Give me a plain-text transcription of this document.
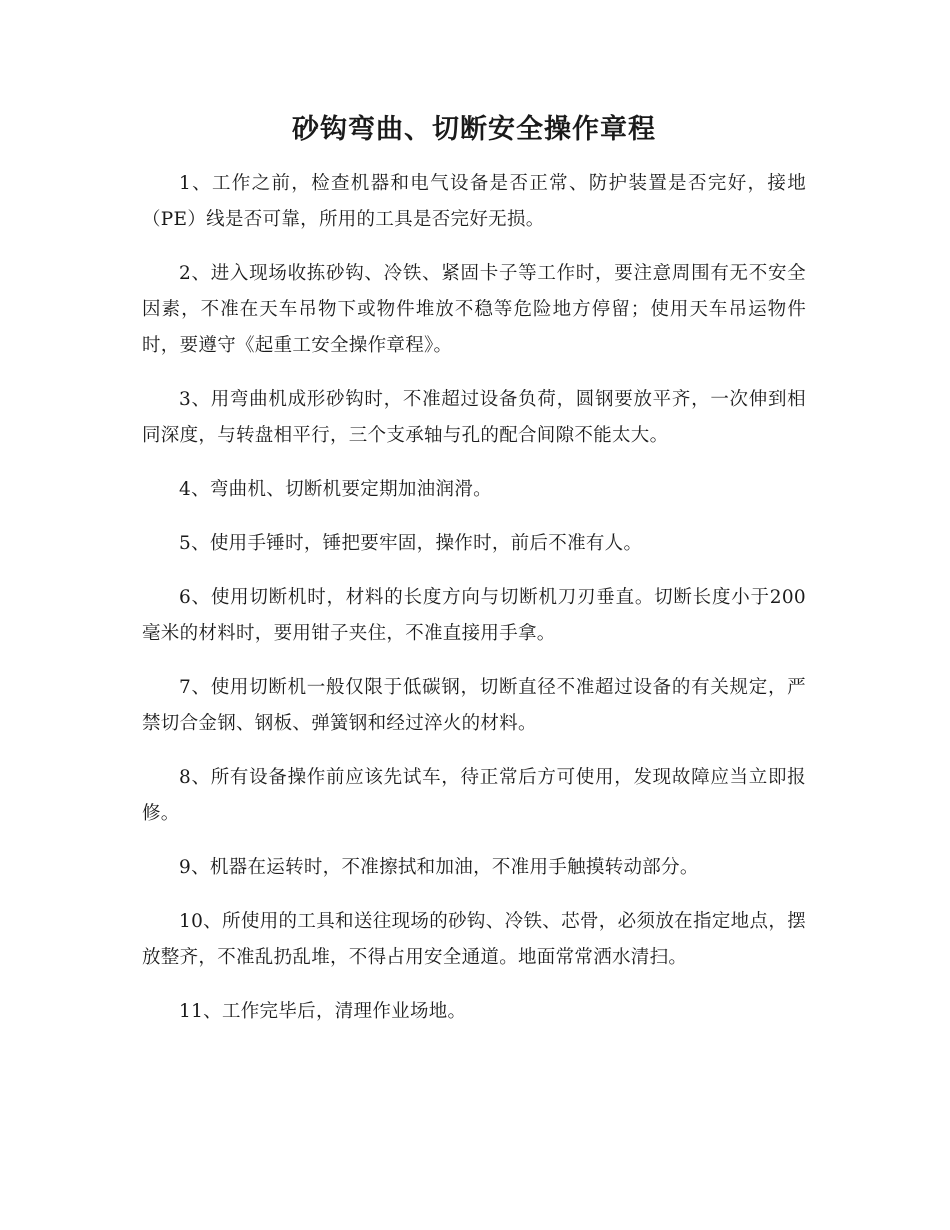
砂钩弯曲、切断安全操作章程

1、工作之前，检查机器和电气设备是否正常、防护装置是否完好，接地（PE）线是否可靠，所用的工具是否完好无损。

2、进入现场收拣砂钩、冷铁、紧固卡子等工作时，要注意周围有无不安全因素，不准在天车吊物下或物件堆放不稳等危险地方停留；使用天车吊运物件时，要遵守《起重工安全操作章程》。

3、用弯曲机成形砂钩时，不准超过设备负荷，圆钢要放平齐，一次伸到相同深度，与转盘相平行，三个支承轴与孔的配合间隙不能太大。

4、弯曲机、切断机要定期加油润滑。

5、使用手锤时，锤把要牢固，操作时，前后不准有人。

6、使用切断机时，材料的长度方向与切断机刀刃垂直。切断长度小于200毫米的材料时，要用钳子夹住，不准直接用手拿。

7、使用切断机一般仅限于低碳钢，切断直径不准超过设备的有关规定，严禁切合金钢、钢板、弹簧钢和经过淬火的材料。

8、所有设备操作前应该先试车，待正常后方可使用，发现故障应当立即报修。

9、机器在运转时，不准擦拭和加油，不准用手触摸转动部分。

10、所使用的工具和送往现场的砂钩、冷铁、芯骨，必须放在指定地点，摆放整齐，不准乱扔乱堆，不得占用安全通道。地面常常洒水清扫。

11、工作完毕后，清理作业场地。
